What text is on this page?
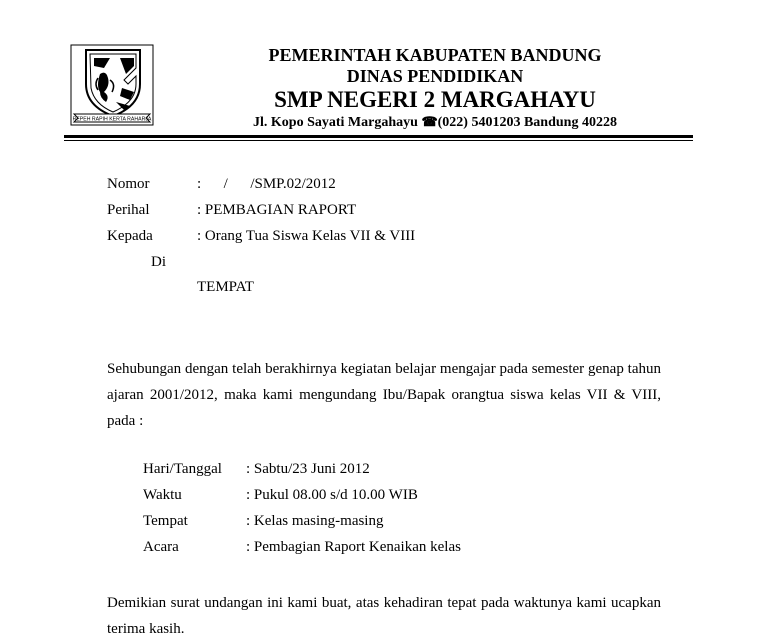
REPEH RAPIH KERTA RAHARJA
PEMERINTAH KABUPATEN BANDUNG
DINAS PENDIDIKAN
SMP NEGERI 2 MARGAHAYU
Jl. Kopo Sayati Margahayu ☎(022) 5401203 Bandung 40228
Nomor	:      /      /SMP.02/2012
Perihal	: PEMBAGIAN RAPORT
Kepada	: Orang Tua Siswa Kelas VII & VIII
Di
TEMPAT
Sehubungan dengan telah berakhirnya kegiatan belajar mengajar pada semester genap tahun ajaran 2001/2012, maka kami mengundang Ibu/Bapak orangtua siswa kelas VII & VIII, pada :
Hari/Tanggal : Sabtu/23 Juni 2012
Waktu	: Pukul 08.00 s/d 10.00 WIB
Tempat	: Kelas masing-masing
Acara	: Pembagian Raport Kenaikan kelas
Demikian surat undangan ini kami buat, atas kehadiran tepat pada waktunya kami ucapkan terima kasih.
